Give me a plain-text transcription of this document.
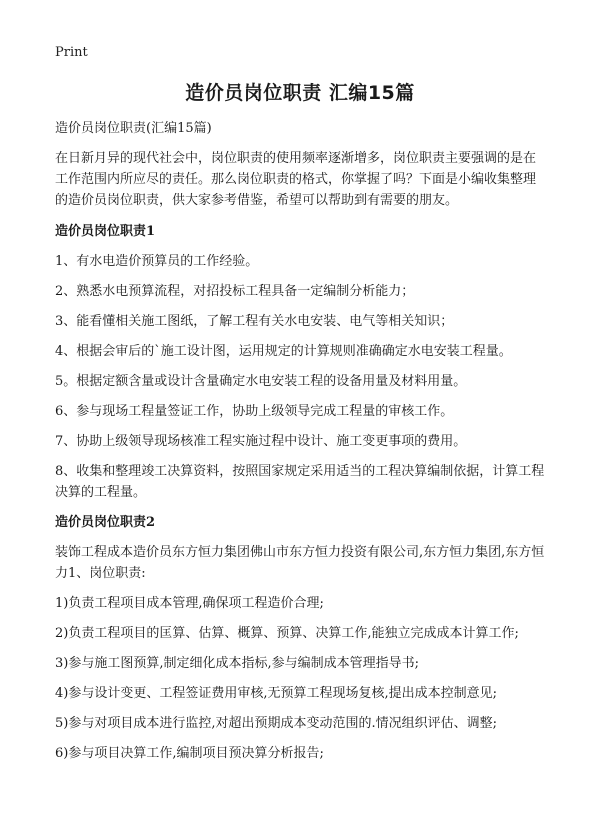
Print
造价员岗位职责 汇编15篇

造价员岗位职责(汇编15篇)

在日新月异的现代社会中，岗位职责的使用频率逐渐增多，岗位职责主要强调的是在工作范围内所应尽的责任。那么岗位职责的格式，你掌握了吗？下面是小编收集整理的造价员岗位职责，供大家参考借鉴，希望可以帮助到有需要的朋友。

造价员岗位职责1

1、有水电造价预算员的工作经验。

2、熟悉水电预算流程，对招投标工程具备一定编制分析能力；

3、能看懂相关施工图纸，了解工程有关水电安装、电气等相关知识；

4、根据会审后的`施工设计图，运用规定的计算规则准确确定水电安装工程量。

5。根据定额含量或设计含量确定水电安装工程的设备用量及材料用量。

6、参与现场工程量签证工作，协助上级领导完成工程量的审核工作。

7、协助上级领导现场核准工程实施过程中设计、施工变更事项的费用。

8、收集和整理竣工决算资料，按照国家规定采用适当的工程决算编制依据，计算工程决算的工程量。

造价员岗位职责2

装饰工程成本造价员东方恒力集团佛山市东方恒力投资有限公司,东方恒力集团,东方恒力1、岗位职责:

1)负责工程项目成本管理,确保项工程造价合理;

2)负责工程项目的匡算、估算、概算、预算、决算工作,能独立完成成本计算工作;

3)参与施工图预算,制定细化成本指标,参与编制成本管理指导书;

4)参与设计变更、工程签证费用审核,无预算工程现场复核,提出成本控制意见;

5)参与对项目成本进行监控,对超出预期成本变动范围的.情况组织评估、调整;

6)参与项目决算工作,编制项目预决算分析报告;
